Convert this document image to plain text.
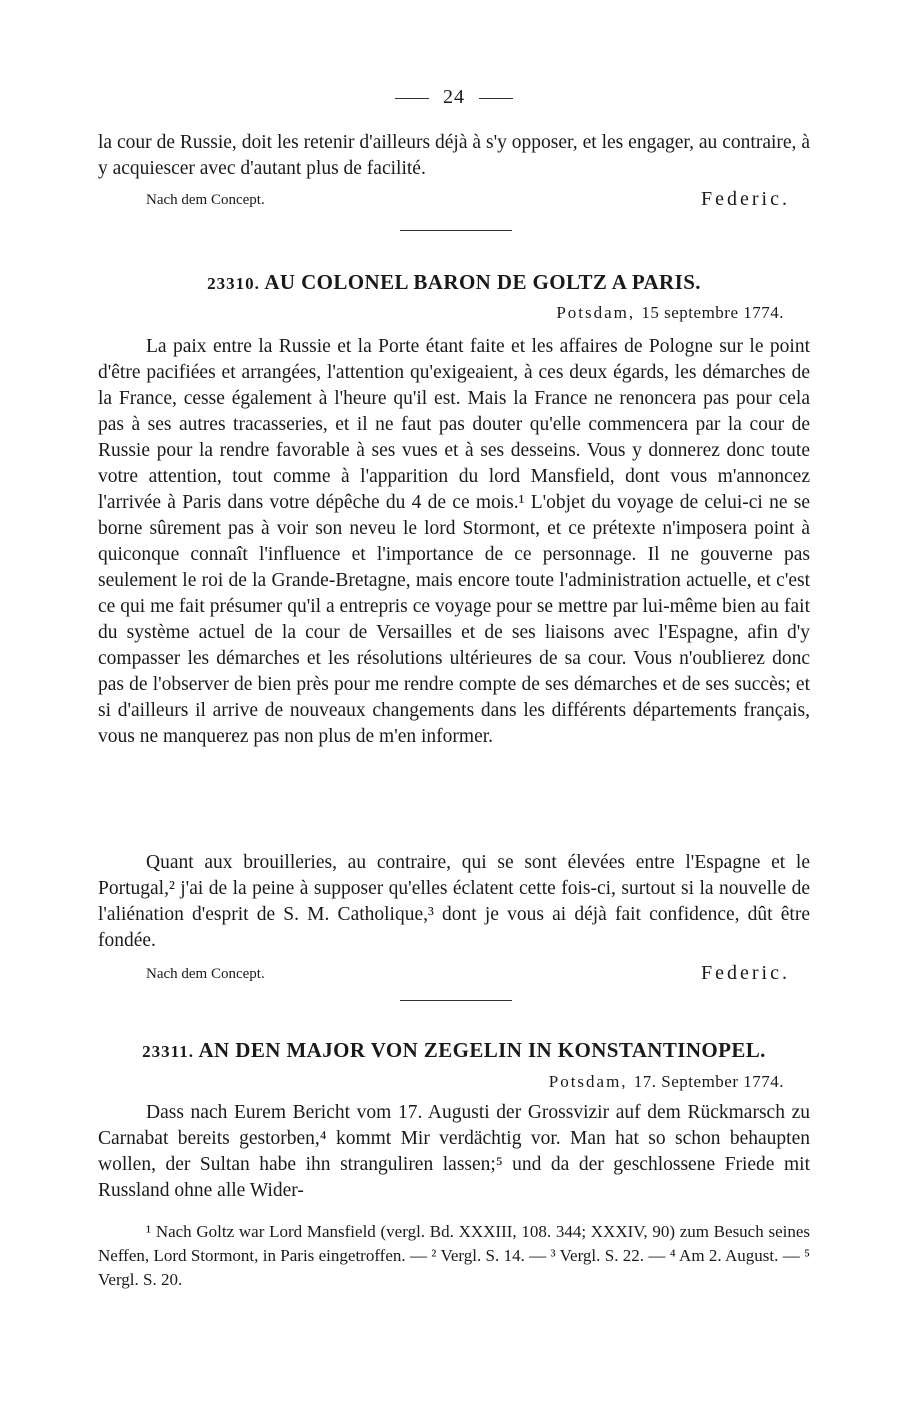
24

la cour de Russie, doit les retenir d'ailleurs déjà à s'y opposer, et les engager, au contraire, à y acquiescer avec d'autant plus de facilité.

Nach dem Concept.	Federic.
23310. AU COLONEL BARON DE GOLTZ A PARIS.
Potsdam, 15 septembre 1774.

La paix entre la Russie et la Porte étant faite et les affaires de Pologne sur le point d'être pacifiées et arrangées, l'attention qu'exigeaient, à ces deux égards, les démarches de la France, cesse également à l'heure qu'il est. Mais la France ne renoncera pas pour cela pas à ses autres tracasseries, et il ne faut pas douter qu'elle commencera par la cour de Russie pour la rendre favorable à ses vues et à ses desseins. Vous y donnerez donc toute votre attention, tout comme à l'apparition du lord Mansfield, dont vous m'annoncez l'arrivée à Paris dans votre dépêche du 4 de ce mois.¹ L'objet du voyage de celui-ci ne se borne sûrement pas à voir son neveu le lord Stormont, et ce prétexte n'imposera point à quiconque connaît l'influence et l'importance de ce personnage. Il ne gouverne pas seulement le roi de la Grande-Bretagne, mais encore toute l'administration actuelle, et c'est ce qui me fait présumer qu'il a entrepris ce voyage pour se mettre par lui-même bien au fait du système actuel de la cour de Versailles et de ses liaisons avec l'Espagne, afin d'y compasser les démarches et les résolutions ultérieures de sa cour. Vous n'oublierez donc pas de l'observer de bien près pour me rendre compte de ses démarches et de ses succès; et si d'ailleurs il arrive de nouveaux changements dans les différents départements français, vous ne manquerez pas non plus de m'en informer.

Quant aux brouilleries, au contraire, qui se sont élevées entre l'Espagne et le Portugal,² j'ai de la peine à supposer qu'elles éclatent cette fois-ci, surtout si la nouvelle de l'aliénation d'esprit de S. M. Catholique,³ dont je vous ai déjà fait confidence, dût être fondée.

Nach dem Concept.	Federic.
23311. AN DEN MAJOR VON ZEGELIN IN KONSTANTINOPEL.
Potsdam, 17. September 1774.

Dass nach Eurem Bericht vom 17. Augusti der Grossvizir auf dem Rückmarsch zu Carnabat bereits gestorben,⁴ kommt Mir verdächtig vor. Man hat so schon behaupten wollen, der Sultan habe ihn stranguliren lassen;⁵ und da der geschlossene Friede mit Russland ohne alle Wider-

¹ Nach Goltz war Lord Mansfield (vergl. Bd. XXXIII, 108. 344; XXXIV, 90) zum Besuch seines Neffen, Lord Stormont, in Paris eingetroffen. — ² Vergl. S. 14. — ³ Vergl. S. 22. — ⁴ Am 2. August. — ⁵ Vergl. S. 20.
